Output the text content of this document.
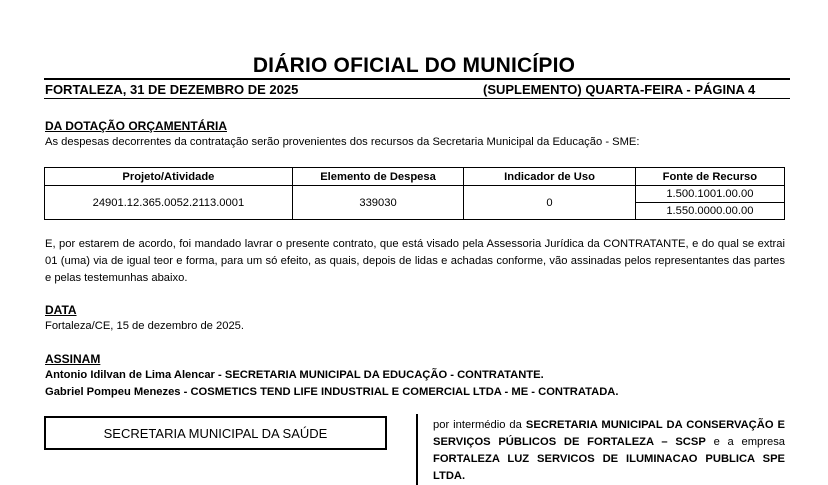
DIÁRIO OFICIAL DO MUNICÍPIO
FORTALEZA, 31 DE DEZEMBRO DE 2025	(SUPLEMENTO) QUARTA-FEIRA - PÁGINA 4
DA DOTAÇÃO ORÇAMENTÁRIA
As despesas decorrentes da contratação serão provenientes dos recursos da Secretaria Municipal da Educação - SME:
Projeto/Atividade	Elemento de Despesa	Indicador de Uso	Fonte de Recurso
24901.12.365.0052.2113.0001	339030	0	1.500.1001.00.00
			1.550.0000.00.00
E, por estarem de acordo, foi mandado lavrar o presente contrato, que está visado pela Assessoria Jurídica da CONTRATANTE, e do qual se extrai 01 (uma) via de igual teor e forma, para um só efeito, as quais, depois de lidas e achadas conforme, vão assinadas pelos representantes das partes e pelas testemunhas abaixo.
DATA
Fortaleza/CE, 15 de dezembro de 2025.
ASSINAM
Antonio Idilvan de Lima Alencar - SECRETARIA MUNICIPAL DA EDUCAÇÃO - CONTRATANTE.
Gabriel Pompeu Menezes - COSMETICS TEND LIFE INDUSTRIAL E COMERCIAL LTDA - ME - CONTRATADA.
SECRETARIA MUNICIPAL DA SAÚDE
por intermédio da SECRETARIA MUNICIPAL DA CONSERVAÇÃO E SERVIÇOS PÚBLICOS DE FORTALEZA – SCSP e a empresa FORTALEZA LUZ SERVICOS DE ILUMINACAO PUBLICA SPE LTDA.
